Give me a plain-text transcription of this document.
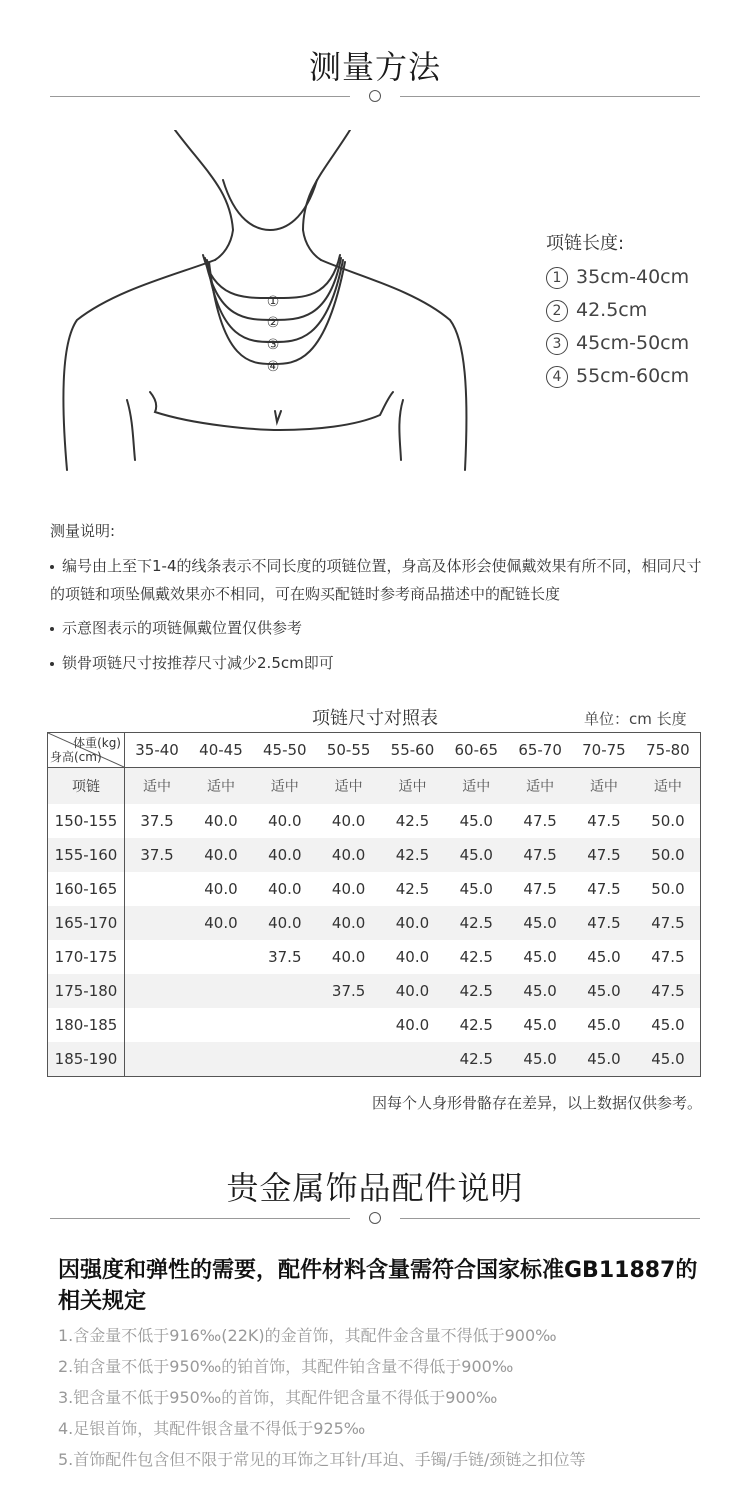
测量方法
①
②
③
④
项链长度:
1 35cm-40cm
2 42.5cm
3 45cm-50cm
4 55cm-60cm
测量说明:
编号由上至下1-4的线条表示不同长度的项链位置，身高及体形会使佩戴效果有所不同，相同尺寸的项链和项坠佩戴效果亦不相同，可在购买配链时参考商品描述中的配链长度
示意图表示的项链佩戴位置仅供参考
锁骨项链尺寸按推荐尺寸减少2.5cm即可
项链尺寸对照表	单位：cm 长度
体重(kg)
身高(cm)	35-40	40-45	45-50	50-55	55-60	60-65	65-70	70-75	75-80
项链	适中	适中	适中	适中	适中	适中	适中	适中	适中
150-155	37.5	40.0	40.0	40.0	42.5	45.0	47.5	47.5	50.0
155-160	37.5	40.0	40.0	40.0	42.5	45.0	47.5	47.5	50.0
160-165		40.0	40.0	40.0	42.5	45.0	47.5	47.5	50.0
165-170		40.0	40.0	40.0	40.0	42.5	45.0	47.5	47.5
170-175			37.5	40.0	40.0	42.5	45.0	45.0	47.5
175-180				37.5	40.0	42.5	45.0	45.0	47.5
180-185					40.0	42.5	45.0	45.0	45.0
185-190						42.5	45.0	45.0	45.0
因每个人身形骨骼存在差异，以上数据仅供参考。
贵金属饰品配件说明
因强度和弹性的需要，配件材料含量需符合国家标准GB11887的相关规定
1.含金量不低于916‰(22K)的金首饰，其配件金含量不得低于900‰
2.铂含量不低于950‰的铂首饰，其配件铂含量不得低于900‰
3.钯含量不低于950‰的首饰，其配件钯含量不得低于900‰
4.足银首饰，其配件银含量不得低于925‰
5.首饰配件包含但不限于常见的耳饰之耳针/耳迫、手镯/手链/颈链之扣位等
